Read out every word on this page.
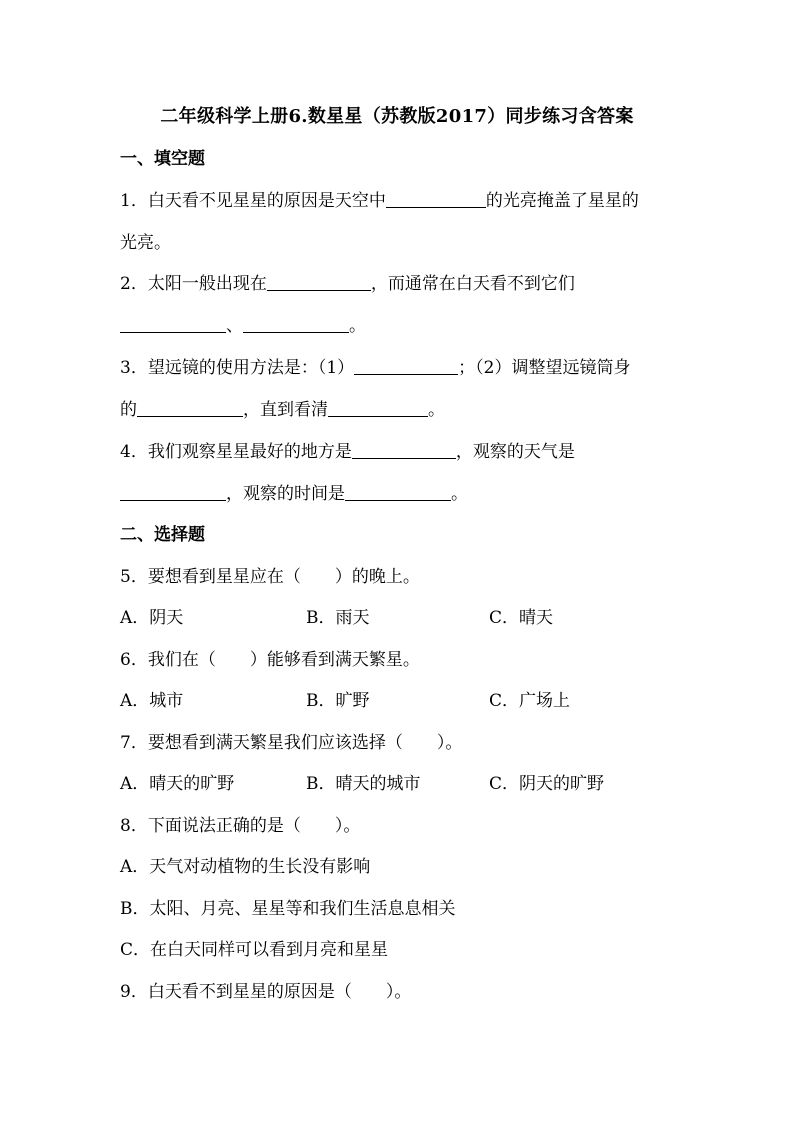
二年级科学上册6.数星星（苏教版2017）同步练习含答案
一、填空题
1．白天看不见星星的原因是天空中	的光亮掩盖了星星的
光亮。
2．太阳一般出现在	，而通常在白天看不到它们
、	。
3．望远镜的使用方法是：（1）	；（2）调整望远镜筒身
的	，直到看清	。
4．我们观察星星最好的地方是	，观察的天气是
，观察的时间是	。
二、选择题
5．要想看到星星应在（　　）的晚上。
A．阴天	B．雨天	C．晴天
6．我们在（　　）能够看到满天繁星。
A．城市	B．旷野	C．广场上
7．要想看到满天繁星我们应该选择（　　）。
A．晴天的旷野	B．晴天的城市	C．阴天的旷野
8．下面说法正确的是（　　）。
A．天气对动植物的生长没有影响
B．太阳、月亮、星星等和我们生活息息相关
C．在白天同样可以看到月亮和星星
9．白天看不到星星的原因是（　　）。
